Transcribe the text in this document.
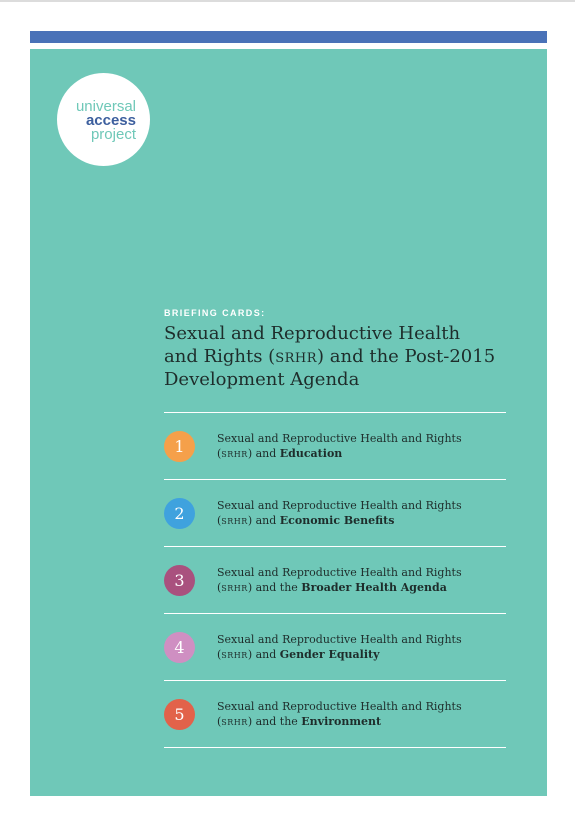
universal
access
project
BRIEFING CARDS:
Sexual and Reproductive Health
and Rights (srhr) and the Post-2015
Development Agenda
1	Sexual and Reproductive Health and Rights
(srhr) and Education
2	Sexual and Reproductive Health and Rights
(srhr) and Economic Benefits
3	Sexual and Reproductive Health and Rights
(srhr) and the Broader Health Agenda
4	Sexual and Reproductive Health and Rights
(srhr) and Gender Equality
5	Sexual and Reproductive Health and Rights
(srhr) and the Environment
